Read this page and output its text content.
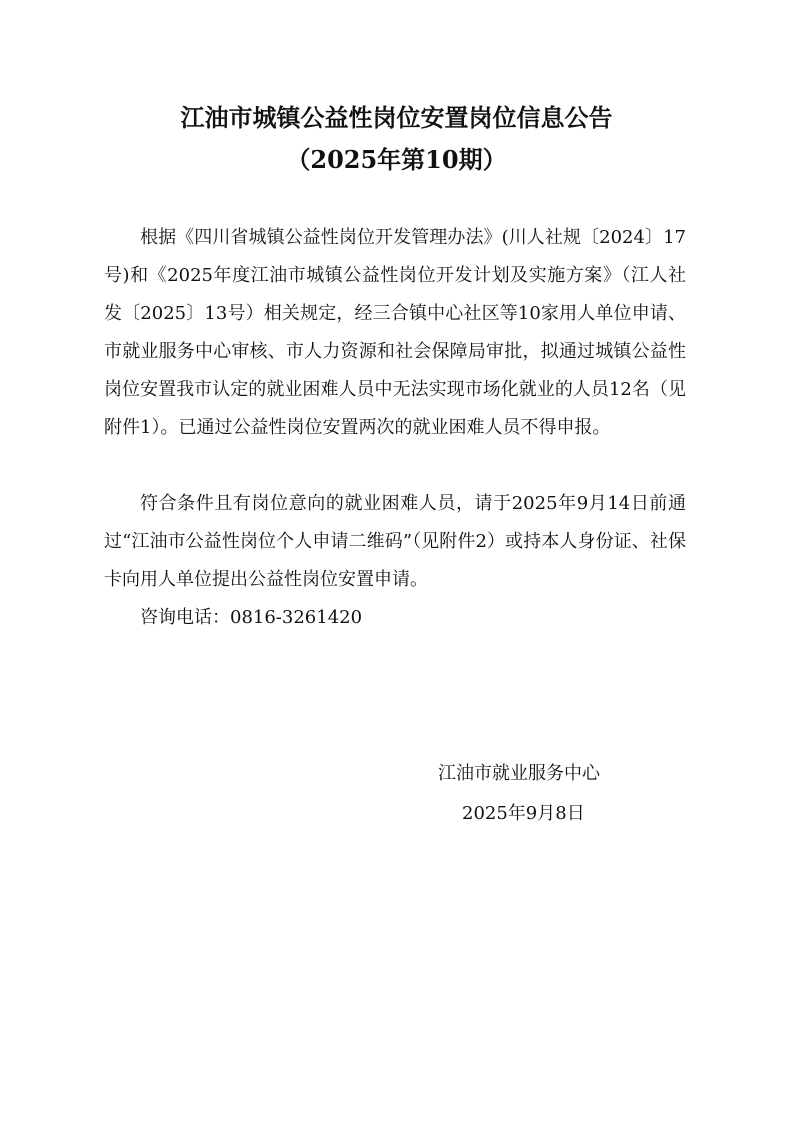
江油市城镇公益性岗位安置岗位信息公告
（2025年第10期）
根据《四川省城镇公益性岗位开发管理办法》(川人社规〔2024〕17号)和《2025年度江油市城镇公益性岗位开发计划及实施方案》（江人社发〔2025〕13号）相关规定，经三合镇中心社区等10家用人单位申请、市就业服务中心审核、市人力资源和社会保障局审批，拟通过城镇公益性岗位安置我市认定的就业困难人员中无法实现市场化就业的人员12名（见附件1）。已通过公益性岗位安置两次的就业困难人员不得申报。
符合条件且有岗位意向的就业困难人员，请于2025年9月14日前通过“江油市公益性岗位个人申请二维码”（见附件2）或持本人身份证、社保卡向用人单位提出公益性岗位安置申请。
咨询电话：0816-3261420
江油市就业服务中心
2025年9月8日
